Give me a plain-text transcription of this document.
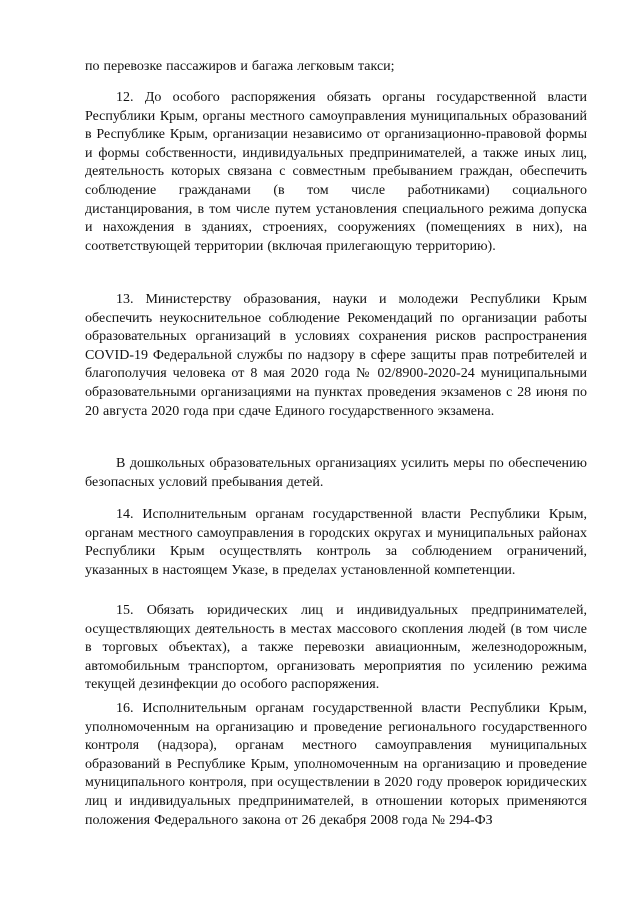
по перевозке пассажиров и багажа легковым такси;

12. До особого распоряжения обязать органы государственной власти Республики Крым, органы местного самоуправления муниципальных образований в Республике Крым, организации независимо от организационно-правовой формы и формы собственности, индивидуальных предпринимателей, а также иных лиц, деятельность которых связана с совместным пребыванием граждан, обеспечить соблюдение гражданами (в том числе работниками) социального дистанцирования, в том числе путем установления специального режима допуска и нахождения в зданиях, строениях, сооружениях (помещениях в них), на соответствующей территории (включая прилегающую территорию).

13. Министерству образования, науки и молодежи Республики Крым обеспечить неукоснительное соблюдение Рекомендаций по организации работы образовательных организаций в условиях сохранения рисков распространения COVID-19 Федеральной службы по надзору в сфере защиты прав потребителей и благополучия человека от 8 мая 2020 года № 02/8900-2020-24 муниципальными образовательными организациями на пунктах проведения экзаменов с 28 июня по 20 августа 2020 года при сдаче Единого государственного экзамена.

В дошкольных образовательных организациях усилить меры по обеспечению безопасных условий пребывания детей.

14. Исполнительным органам государственной власти Республики Крым, органам местного самоуправления в городских округах и муниципальных районах Республики Крым осуществлять контроль за соблюдением ограничений, указанных в настоящем Указе, в пределах установленной компетенции.

15. Обязать юридических лиц и индивидуальных предпринимателей, осуществляющих деятельность в местах массового скопления людей (в том числе в торговых объектах), а также перевозки авиационным, железнодорожным, автомобильным транспортом, организовать мероприятия по усилению режима текущей дезинфекции до особого распоряжения.

16. Исполнительным органам государственной власти Республики Крым, уполномоченным на организацию и проведение регионального государственного контроля (надзора), органам местного самоуправления муниципальных образований в Республике Крым, уполномоченным на организацию и проведение муниципального контроля, при осуществлении в 2020 году проверок юридических лиц и индивидуальных предпринимателей, в отношении которых применяются положения Федерального закона от 26 декабря 2008 года № 294-ФЗ
